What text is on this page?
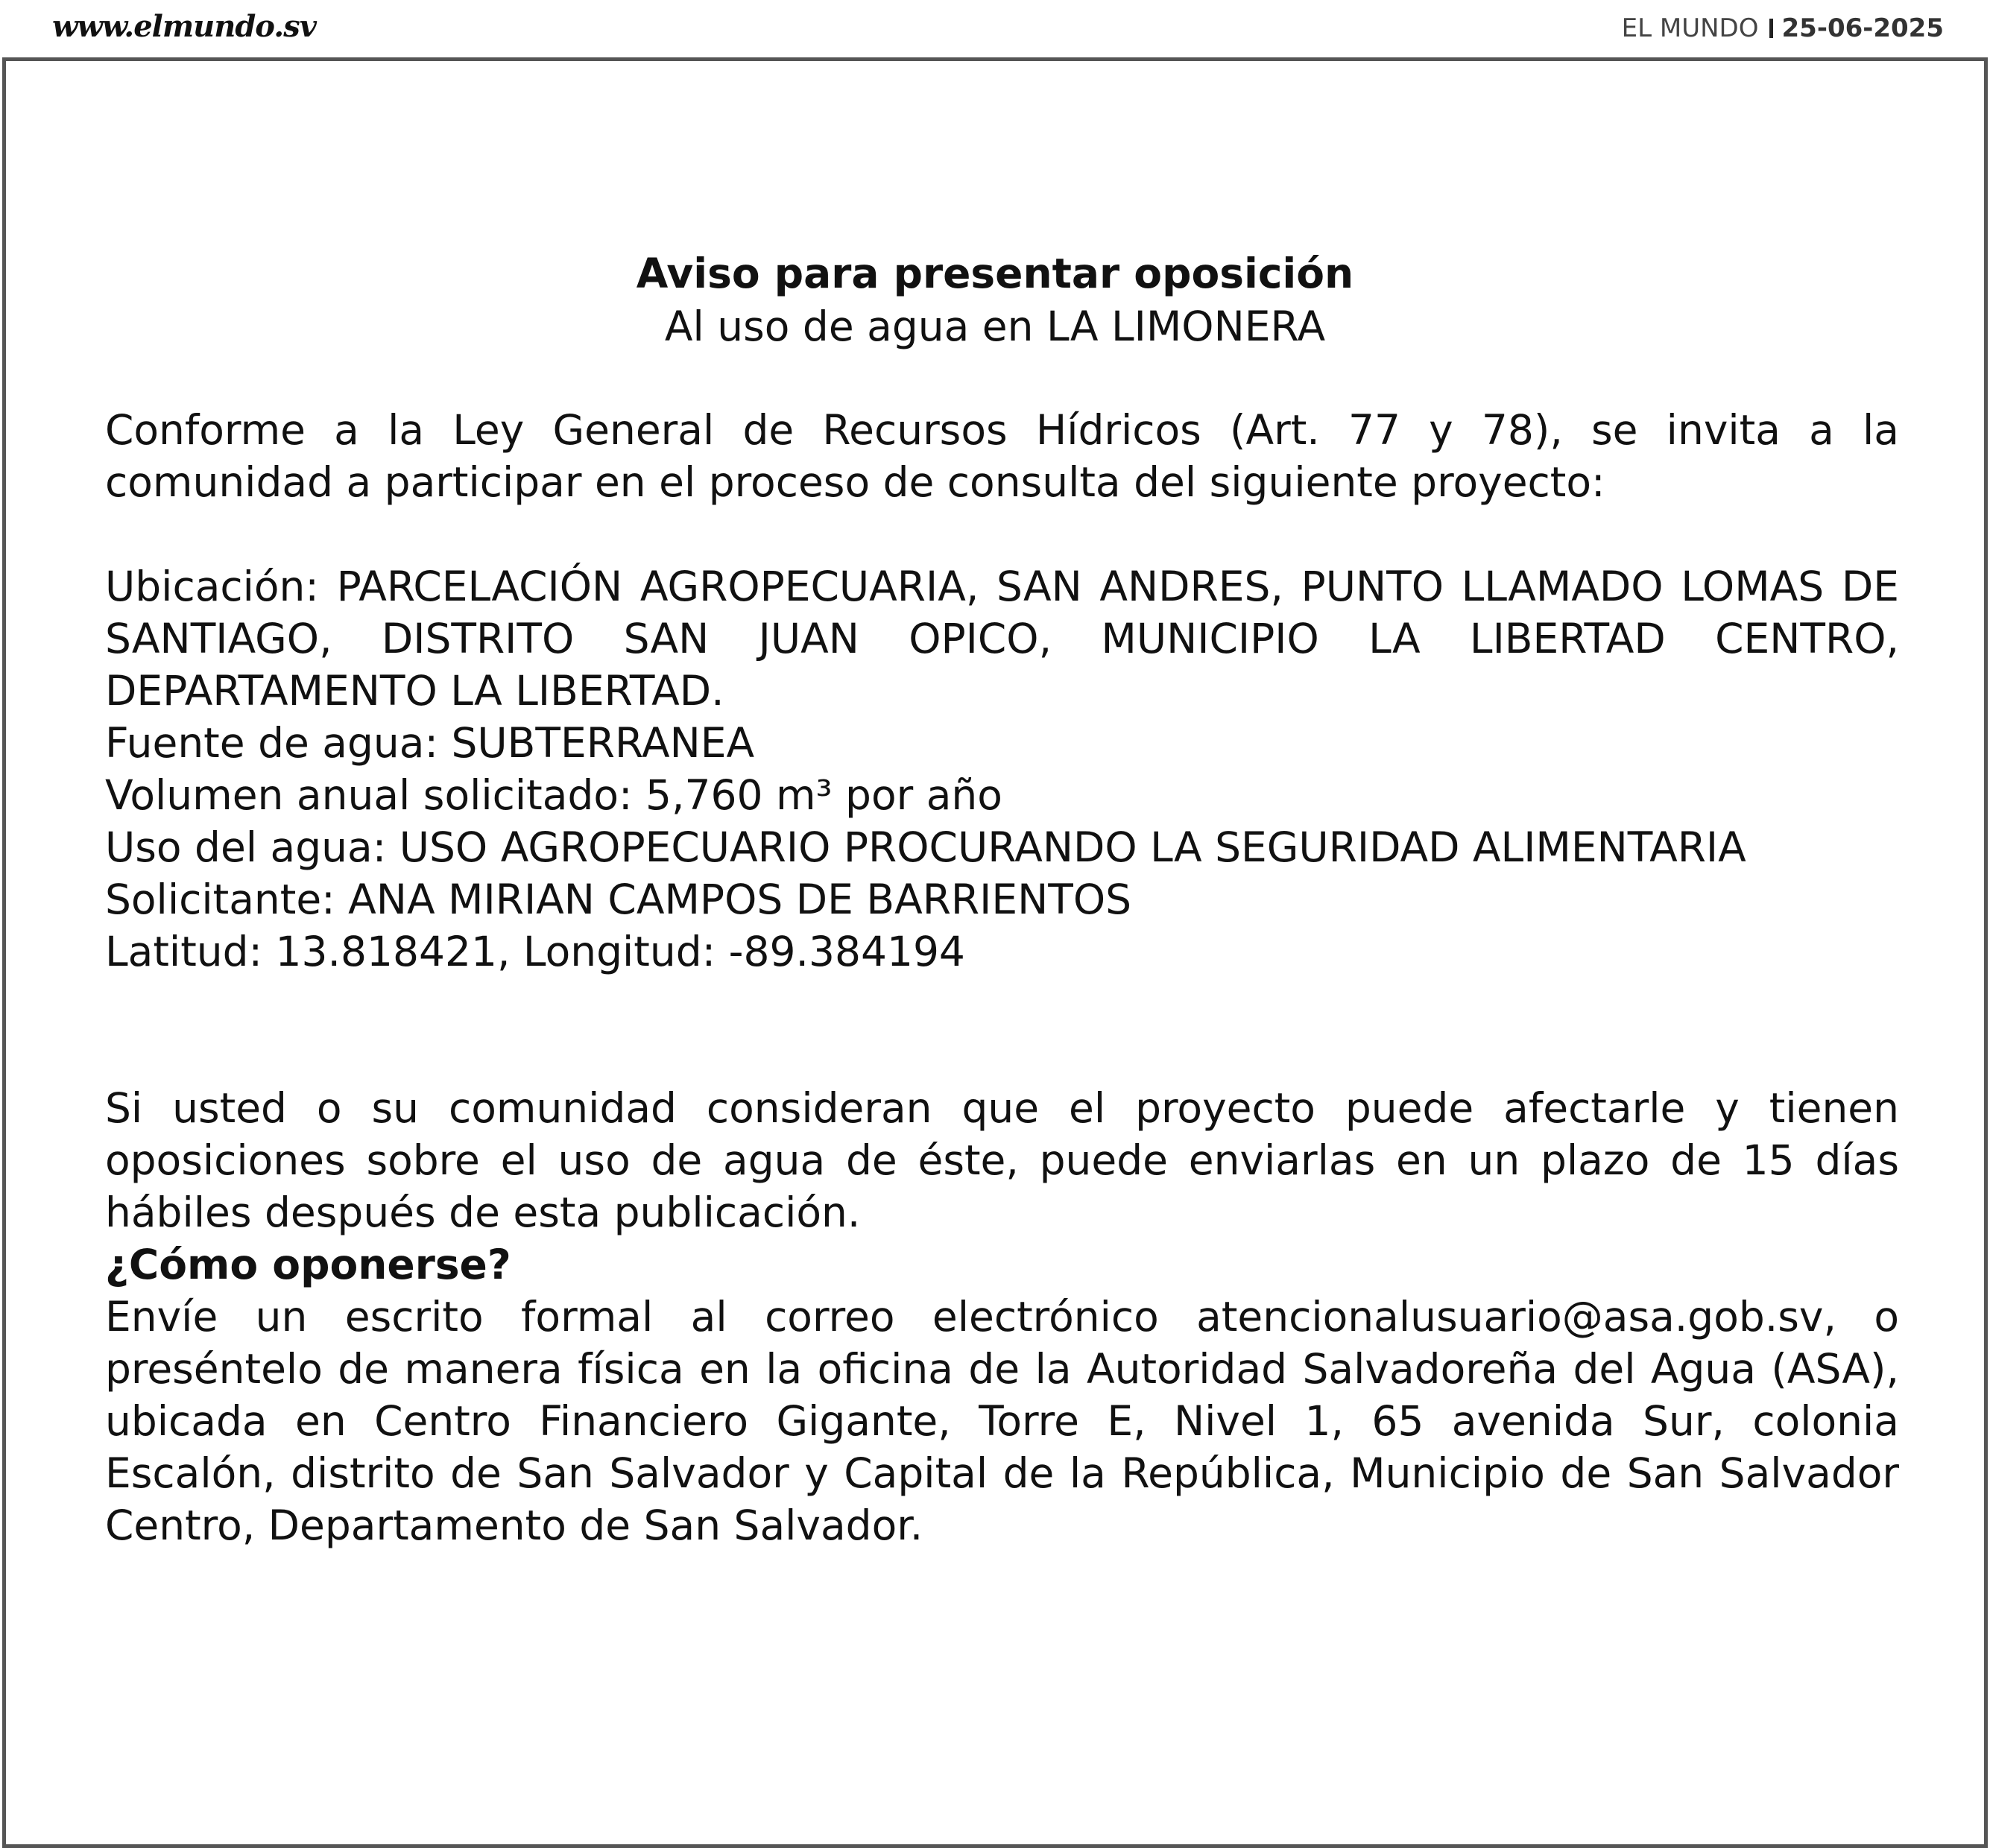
www.elmundo.sv	EL MUNDO 25-06-2025
Aviso para presentar oposición
Al uso de agua en LA LIMONERA

Conforme a la Ley General de Recursos Hídricos (Art. 77 y 78), se invita a la comunidad a participar en el proceso de consulta del siguiente proyecto:

Ubicación: PARCELACIÓN AGROPECUARIA, SAN ANDRES, PUNTO LLAMADO LOMAS DE SANTIAGO, DISTRITO SAN JUAN OPICO, MUNICIPIO LA LIBERTAD CENTRO, DEPARTAMENTO LA LIBERTAD.

Fuente de agua: SUBTERRANEA
Volumen anual solicitado: 5,760 m³ por año
Uso del agua: USO AGROPECUARIO PROCURANDO LA SEGURIDAD ALIMENTARIA
Solicitante: ANA MIRIAN CAMPOS DE BARRIENTOS
Latitud: 13.818421, Longitud: -89.384194

Si usted o su comunidad consideran que el proyecto puede afectarle y tienen oposiciones sobre el uso de agua de éste, puede enviarlas en un plazo de 15 días hábiles después de esta publicación.

¿Cómo oponerse?

Envíe un escrito formal al correo electrónico atencionalusuario@asa.gob.sv, o preséntelo de manera física en la oficina de la Autoridad Salvadoreña del Agua (ASA), ubicada en Centro Financiero Gigante, Torre E, Nivel 1, 65 avenida Sur, colonia Escalón, distrito de San Salvador y Capital de la República, Municipio de San Salvador Centro, Departamento de San Salvador.
